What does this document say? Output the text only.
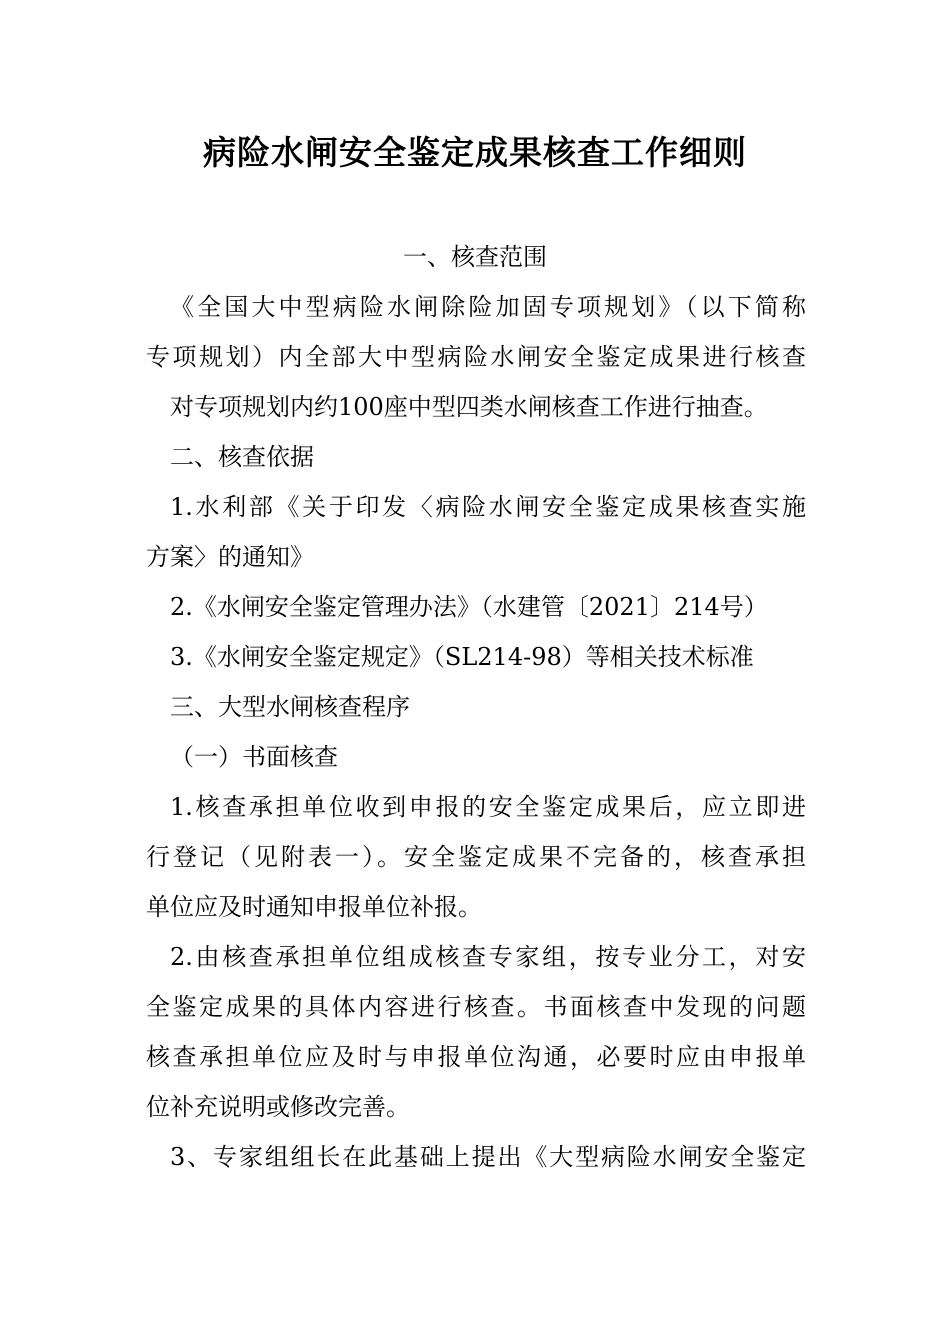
病险水闸安全鉴定成果核查工作细则

一、核查范围

《全国大中型病险水闸除险加固专项规划》（以下简称

专项规划）内全部大中型病险水闸安全鉴定成果进行核查

对专项规划内约100座中型四类水闸核查工作进行抽查。

二、核查依据

1.水利部《关于印发〈病险水闸安全鉴定成果核查实施

方案〉的通知》

2.《水闸安全鉴定管理办法》（水建管〔2021〕214号）

3.《水闸安全鉴定规定》（SL214-98）等相关技术标准

三、大型水闸核查程序

（一）书面核查

1.核查承担单位收到申报的安全鉴定成果后，应立即进

行登记（见附表一）。安全鉴定成果不完备的，核查承担

单位应及时通知申报单位补报。

2.由核查承担单位组成核查专家组，按专业分工，对安

全鉴定成果的具体内容进行核查。书面核查中发现的问题

核查承担单位应及时与申报单位沟通，必要时应由申报单

位补充说明或修改完善。

3、专家组组长在此基础上提出《大型病险水闸安全鉴定
